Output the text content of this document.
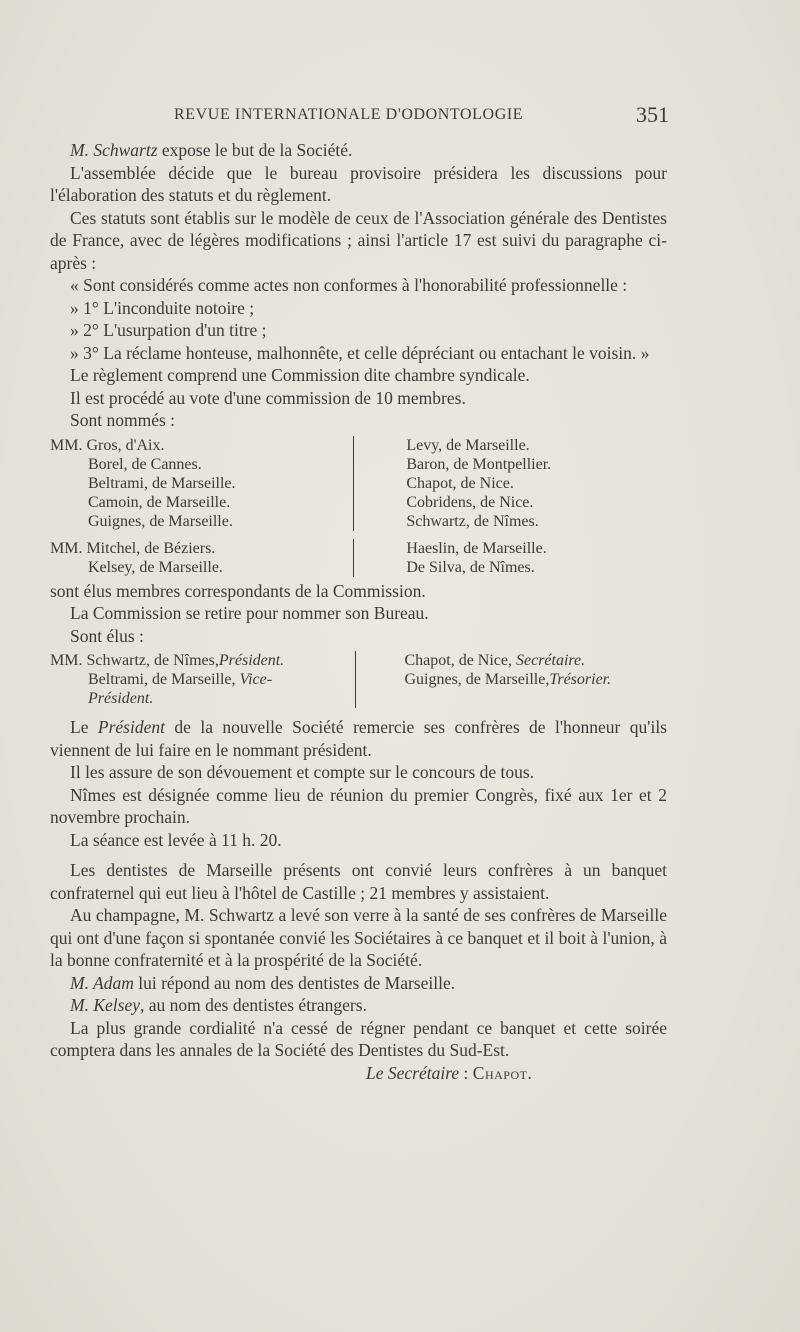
REVUE INTERNATIONALE D'ODONTOLOGIE	351

M. Schwartz expose le but de la Société.

L'assemblée décide que le bureau provisoire présidera les discussions pour l'élaboration des statuts et du règlement.

Ces statuts sont établis sur le modèle de ceux de l'Association générale des Dentistes de France, avec de légères modifications ; ainsi l'article 17 est suivi du paragraphe ci-après :

« Sont considérés comme actes non conformes à l'honorabilité professionnelle :

» 1° L'inconduite notoire ;

» 2° L'usurpation d'un titre ;

» 3° La réclame honteuse, malhonnête, et celle dépréciant ou entachant le voisin. »

Le règlement comprend une Commission dite chambre syndicale.

Il est procédé au vote d'une commission de 10 membres.

Sont nommés :

MM. Gros, d'Aix.
Borel, de Cannes.
Beltrami, de Marseille.
Camoin, de Marseille.
Guignes, de Marseille.
Levy, de Marseille.
Baron, de Montpellier.
Chapot, de Nice.
Cobridens, de Nice.
Schwartz, de Nîmes.
MM. Mitchel, de Béziers.
Kelsey, de Marseille.
Haeslin, de Marseille.
De Silva, de Nîmes.

sont élus membres correspondants de la Commission.

La Commission se retire pour nommer son Bureau.

Sont élus :

MM. Schwartz, de Nîmes,Président.
Beltrami, de Marseille, Vice-
Président.
Chapot, de Nice, Secrétaire.
Guignes, de Marseille,Trésorier.

Le Président de la nouvelle Société remercie ses confrères de l'honneur qu'ils viennent de lui faire en le nommant président.

Il les assure de son dévouement et compte sur le concours de tous.

Nîmes est désignée comme lieu de réunion du premier Congrès, fixé aux 1er et 2 novembre prochain.

La séance est levée à 11 h. 20.

Les dentistes de Marseille présents ont convié leurs confrères à un banquet confraternel qui eut lieu à l'hôtel de Castille ; 21 membres y assistaient.

Au champagne, M. Schwartz a levé son verre à la santé de ses confrères de Marseille qui ont d'une façon si spontanée convié les Sociétaires à ce banquet et il boit à l'union, à la bonne confraternité et à la prospérité de la Société.

M. Adam lui répond au nom des dentistes de Marseille.

M. Kelsey, au nom des dentistes étrangers.

La plus grande cordialité n'a cessé de régner pendant ce banquet et cette soirée comptera dans les annales de la Société des Dentistes du Sud-Est.

Le Secrétaire : Chapot.
